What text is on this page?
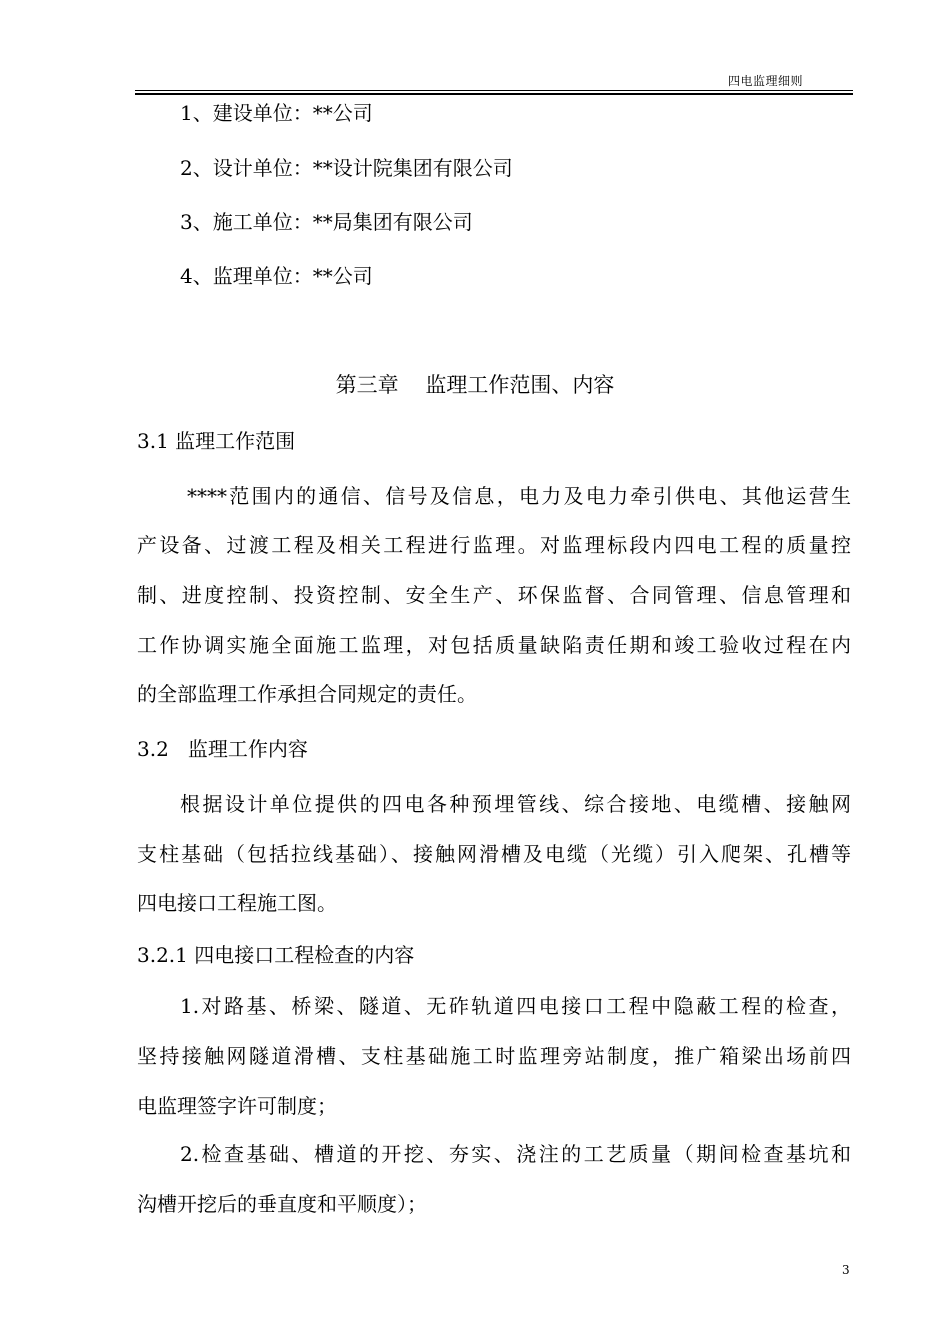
四电监理细则
1、建设单位：**公司
2、设计单位：**设计院集团有限公司
3、施工单位：**局集团有限公司
4、监理单位：**公司
第三章    监理工作范围、内容
3.1 监理工作范围
****范围内的通信、信号及信息，电力及电力牵引供电、其他运营生
产设备、过渡工程及相关工程进行监理。对监理标段内四电工程的质量控
制、进度控制、投资控制、安全生产、环保监督、合同管理、信息管理和
工作协调实施全面施工监理，对包括质量缺陷责任期和竣工验收过程在内
的全部监理工作承担合同规定的责任。
3.2   监理工作内容
根据设计单位提供的四电各种预埋管线、综合接地、电缆槽、接触网
支柱基础（包括拉线基础）、接触网滑槽及电缆（光缆）引入爬架、孔槽等
四电接口工程施工图。
3.2.1 四电接口工程检查的内容
1.对路基、桥梁、隧道、无砟轨道四电接口工程中隐蔽工程的检查，
坚持接触网隧道滑槽、支柱基础施工时监理旁站制度，推广箱梁出场前四
电监理签字许可制度；
2.检查基础、槽道的开挖、夯实、浇注的工艺质量（期间检查基坑和
沟槽开挖后的垂直度和平顺度）；
3
